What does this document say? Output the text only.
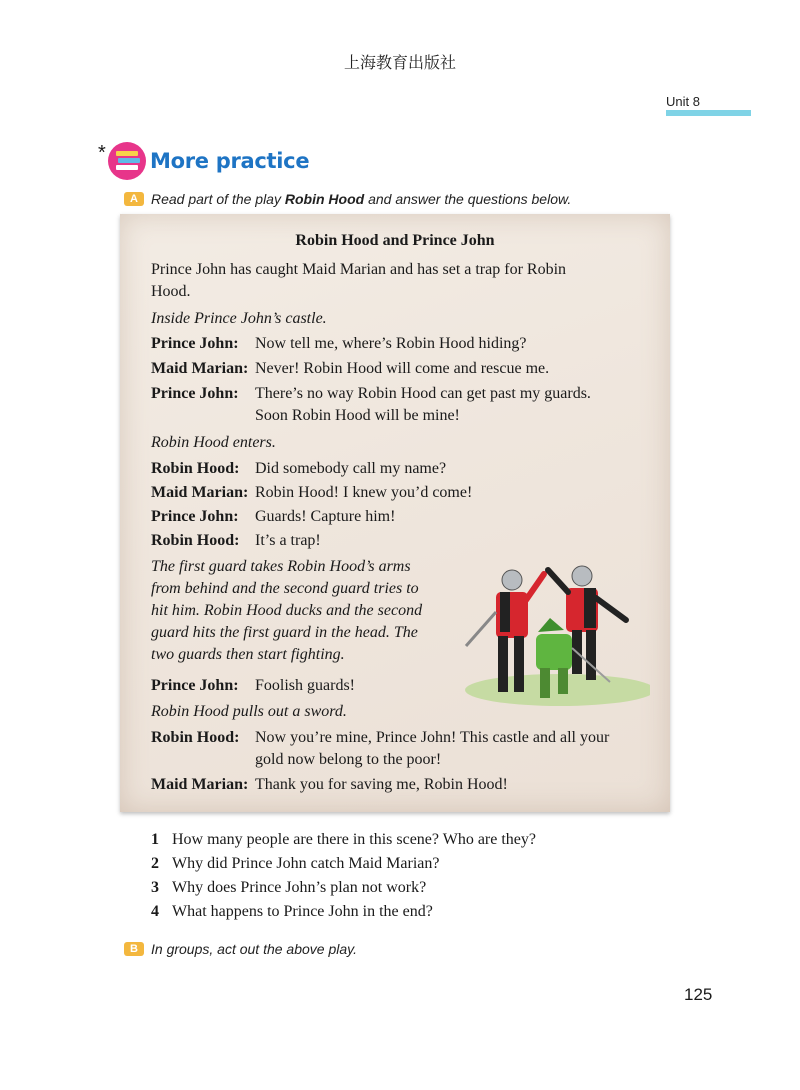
上海教育出版社
Unit 8
* More practice
A Read part of the play Robin Hood and answer the questions below.
Robin Hood and Prince John
Prince John has caught Maid Marian and has set a trap for Robin
Hood.
Inside Prince John’s castle.
Prince John: Now tell me, where’s Robin Hood hiding?
Maid Marian: Never! Robin Hood will come and rescue me.
Prince John: There’s no way Robin Hood can get past my guards.
Soon Robin Hood will be mine!
Robin Hood enters.
Robin Hood: Did somebody call my name?
Maid Marian: Robin Hood! I knew you’d come!
Prince John: Guards! Capture him!
Robin Hood: It’s a trap!
The first guard takes Robin Hood’s arms
from behind and the second guard tries to
hit him. Robin Hood ducks and the second
guard hits the first guard in the head. The
two guards then start fighting.
Prince John: Foolish guards!
Robin Hood pulls out a sword.
Robin Hood: Now you’re mine, Prince John! This castle and all your
gold now belong to the poor!
Maid Marian: Thank you for saving me, Robin Hood!
1 How many people are there in this scene? Who are they?
2 Why did Prince John catch Maid Marian?
3 Why does Prince John’s plan not work?
4 What happens to Prince John in the end?
B In groups, act out the above play.
125
